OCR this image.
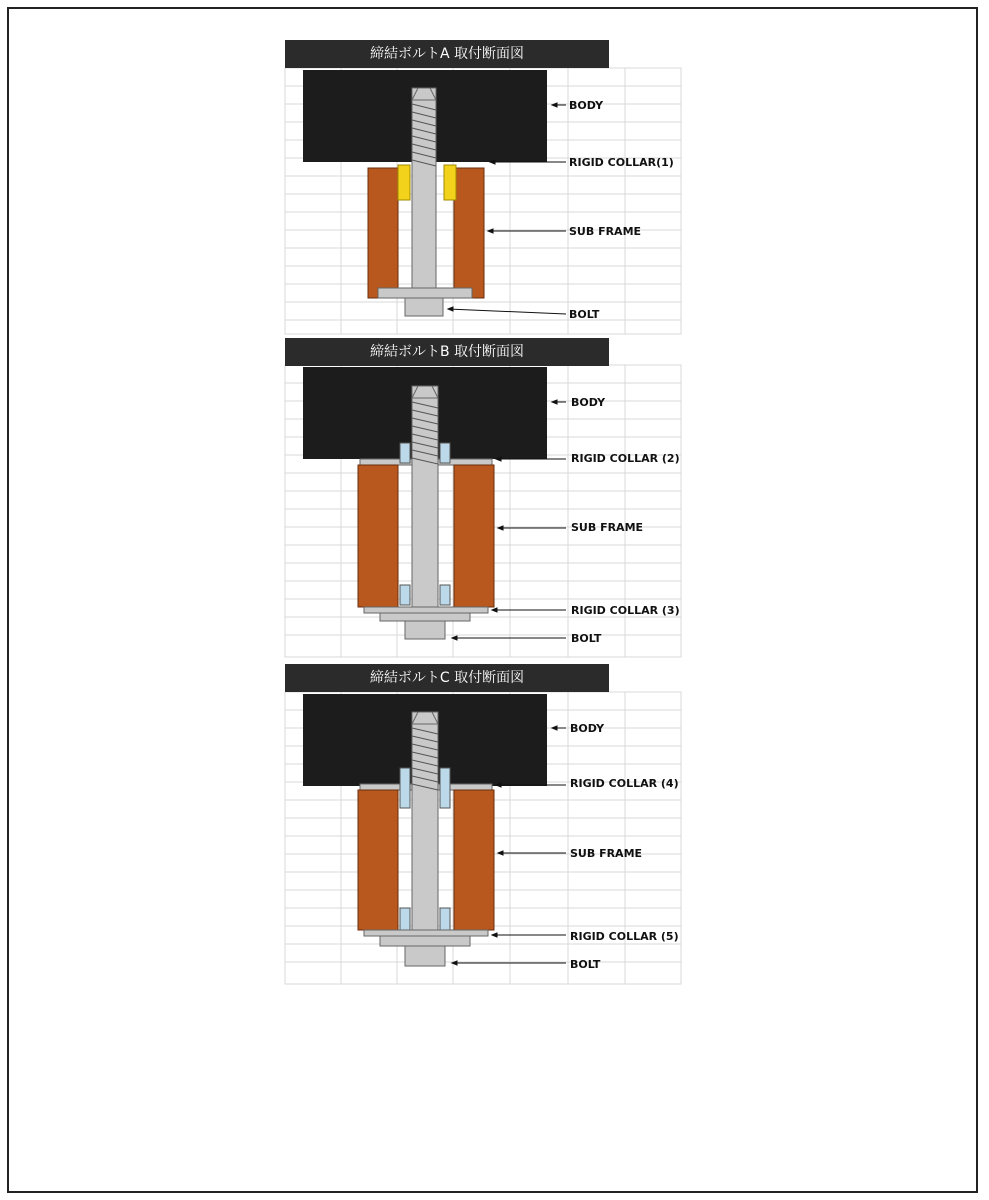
締結ボルトA 取付断面図
BODY
RIGID COLLAR(1)
SUB FRAME
BOLT
締結ボルトB 取付断面図
BODY
RIGID COLLAR (2)
SUB FRAME
RIGID COLLAR (3)
BOLT
締結ボルトC 取付断面図
BODY
RIGID COLLAR (4)
SUB FRAME
RIGID COLLAR (5)
BOLT
